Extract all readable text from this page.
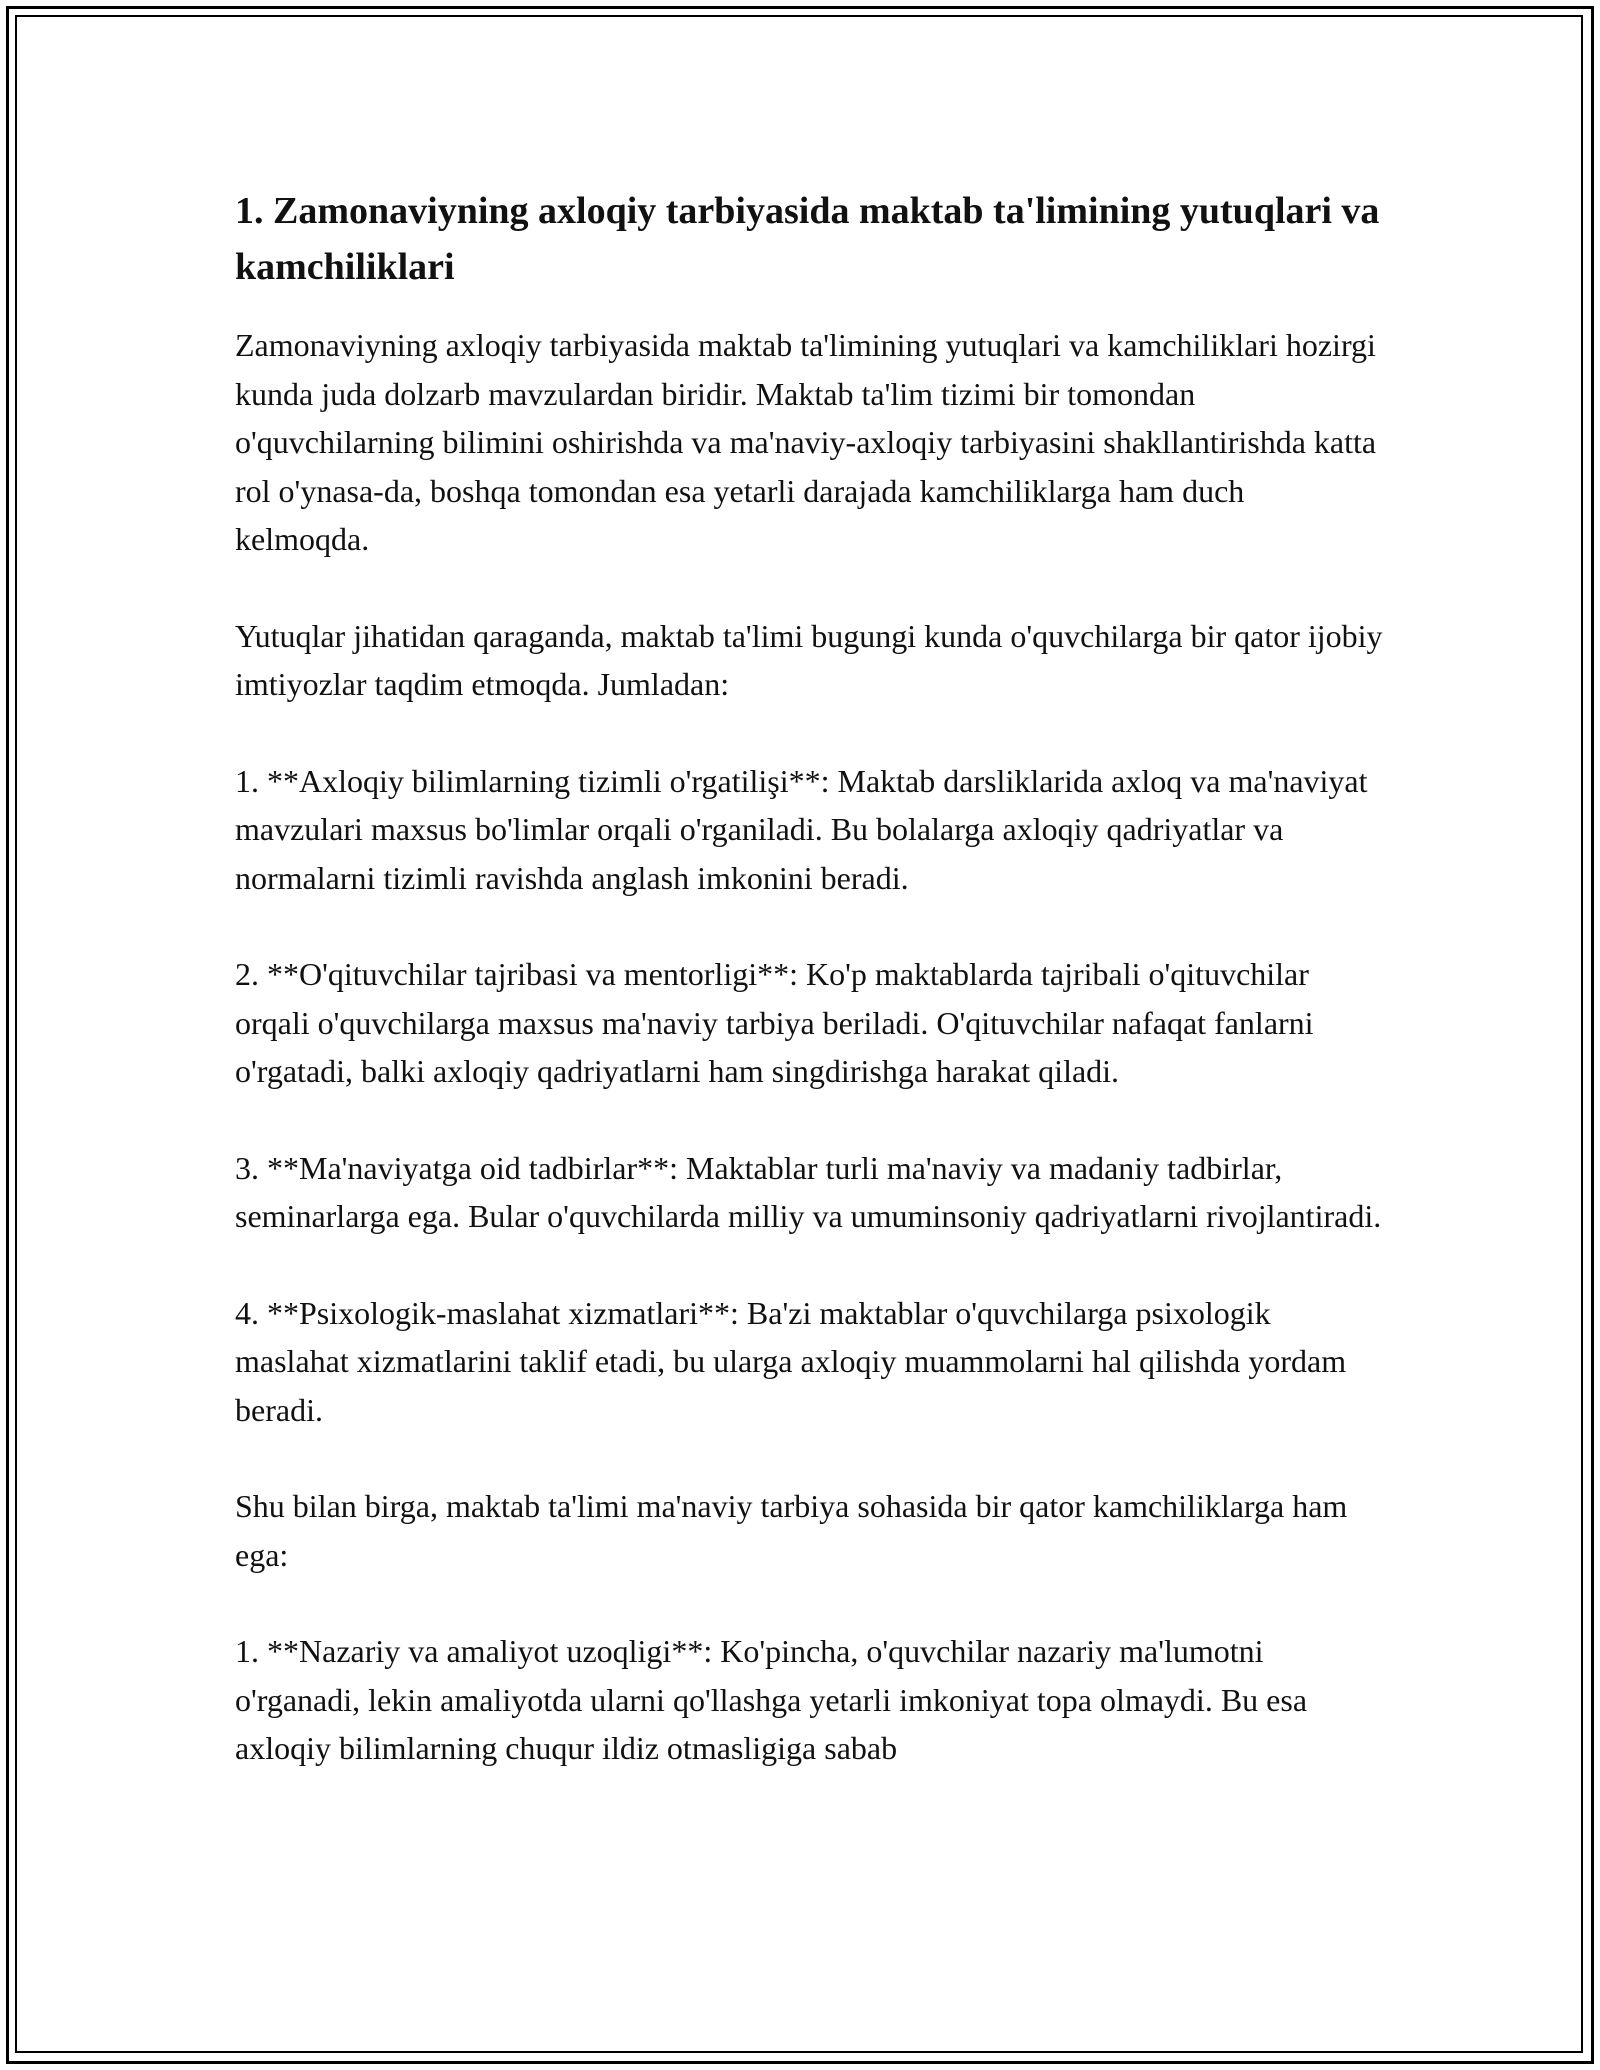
1. Zamonaviyning axloqiy tarbiyasida maktab ta'limining yutuqlari va kamchiliklari

Zamonaviyning axloqiy tarbiyasida maktab ta'limining yutuqlari va kamchiliklari hozirgi kunda juda dolzarb mavzulardan biridir. Maktab ta'lim tizimi bir tomondan o'quvchilarning bilimini oshirishda va ma'naviy-axloqiy tarbiyasini shakllantirishda katta rol o'ynasa-da, boshqa tomondan esa yetarli darajada kamchiliklarga ham duch kelmoqda.

Yutuqlar jihatidan qaraganda, maktab ta'limi bugungi kunda o'quvchilarga bir qator ijobiy imtiyozlar taqdim etmoqda. Jumladan:

1. **Axloqiy bilimlarning tizimli o'rgatilişi**: Maktab darsliklarida axloq va ma'naviyat mavzulari maxsus bo'limlar orqali o'rganiladi. Bu bolalarga axloqiy qadriyatlar va normalarni tizimli ravishda anglash imkonini beradi.

2. **O'qituvchilar tajribasi va mentorligi**: Ko'p maktablarda tajribali o'qituvchilar orqali o'quvchilarga maxsus ma'naviy tarbiya beriladi. O'qituvchilar nafaqat fanlarni o'rgatadi, balki axloqiy qadriyatlarni ham singdirishga harakat qiladi.

3. **Ma'naviyatga oid tadbirlar**: Maktablar turli ma'naviy va madaniy tadbirlar, seminarlarga ega. Bular o'quvchilarda milliy va umuminsoniy qadriyatlarni rivojlantiradi.

4. **Psixologik-maslahat xizmatlari**: Ba'zi maktablar o'quvchilarga psixologik maslahat xizmatlarini taklif etadi, bu ularga axloqiy muammolarni hal qilishda yordam beradi.

Shu bilan birga, maktab ta'limi ma'naviy tarbiya sohasida bir qator kamchiliklarga ham ega:

1. **Nazariy va amaliyot uzoqligi**: Ko'pincha, o'quvchilar nazariy ma'lumotni o'rganadi, lekin amaliyotda ularni qo'llashga yetarli imkoniyat topa olmaydi. Bu esa axloqiy bilimlarning chuqur ildiz otmasligiga sabab
